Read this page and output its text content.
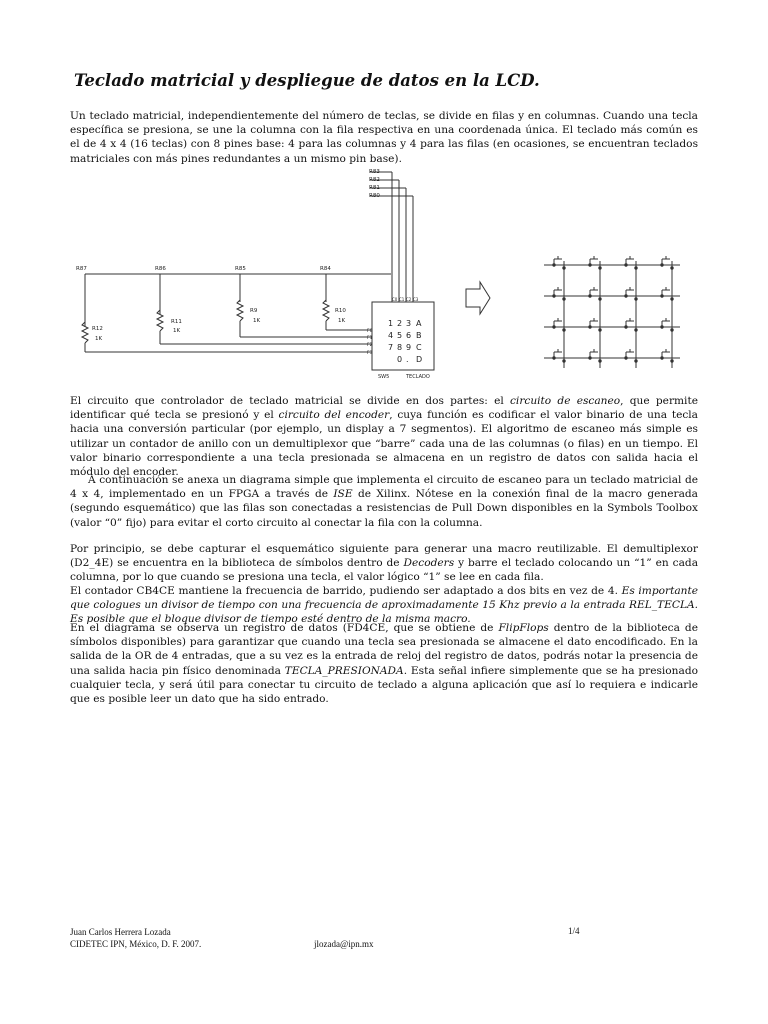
Teclado matricial y despliegue de datos en la LCD.
Un teclado matricial, independientemente del número de teclas, se divide en filas y en columnas. Cuando una tecla específica se presiona, se une la columna con la fila respectiva en una coordenada única. El teclado más común es el de 4 x 4 (16 teclas) con 8 pines base: 4 para las columnas y 4 para las filas (en ocasiones, se encuentran teclados matriciales con más pines redundantes a un mismo pin base).
R83
R82
R81
R80
R87	R86	R85	R84
R12
1K
R11
1K
R9
1K
R10
1K
C0 C1 C2 C3
F0
F1
F2
F3
SW5	TECLADO
1 2 3 A
4 5 6 B
7 8 9 C
0 . D
El circuito que controlador de teclado matricial se divide en dos partes: el circuito de escaneo, que permite identificar qué tecla se presionó y el circuito del encoder, cuya función es codificar el valor binario de una tecla hacia una conversión particular (por ejemplo, un display a 7 segmentos). El algoritmo de escaneo más simple es utilizar un contador de anillo con un demultiplexor que “barre” cada una de las columnas (o filas) en un tiempo. El valor binario correspondiente a una tecla presionada se almacena en un registro de datos con salida hacia el módulo del encoder.
A continuación se anexa un diagrama simple que implementa el circuito de escaneo para un teclado matricial de 4 x 4, implementado en un FPGA a través de ISE de Xilinx. Nótese en la conexión final de la macro generada (segundo esquemático) que las filas son conectadas a resistencias de Pull Down disponibles en la Symbols Toolbox (valor “0” fijo) para evitar el corto circuito al conectar la fila con la columna.
Por principio, se debe capturar el esquemático siguiente para generar una macro reutilizable. El demultiplexor (D2_4E) se encuentra en la biblioteca de símbolos dentro de Decoders y barre el teclado colocando un “1” en cada columna, por lo que cuando se presiona una tecla, el valor lógico “1” se lee en cada fila.
El contador CB4CE mantiene la frecuencia de barrido, pudiendo ser adaptado a dos bits en vez de 4. Es importante que cologues un divisor de tiempo con una frecuencia de aproximadamente 15 Khz previo a la entrada REL_TECLA. Es posible que el bloque divisor de tiempo esté dentro de la misma macro.
En el diagrama se observa un registro de datos (FD4CE, que se obtiene de FlipFlops dentro de la biblioteca de símbolos disponibles) para garantizar que cuando una tecla sea presionada se almacene el dato encodificado. En la salida de la OR de 4 entradas, que a su vez es la entrada de reloj del registro de datos, podrás notar la presencia de una salida hacia pin físico denominada TECLA_PRESIONADA. Esta señal infiere simplemente que se ha presionado cualquier tecla, y será útil para conectar tu circuito de teclado a alguna aplicación que así lo requiera e indicarle que es posible leer un dato que ha sido entrado.
Juan Carlos Herrera Lozada
CIDETEC IPN, México, D. F. 2007.	jlozada@ipn.mx
1/4
